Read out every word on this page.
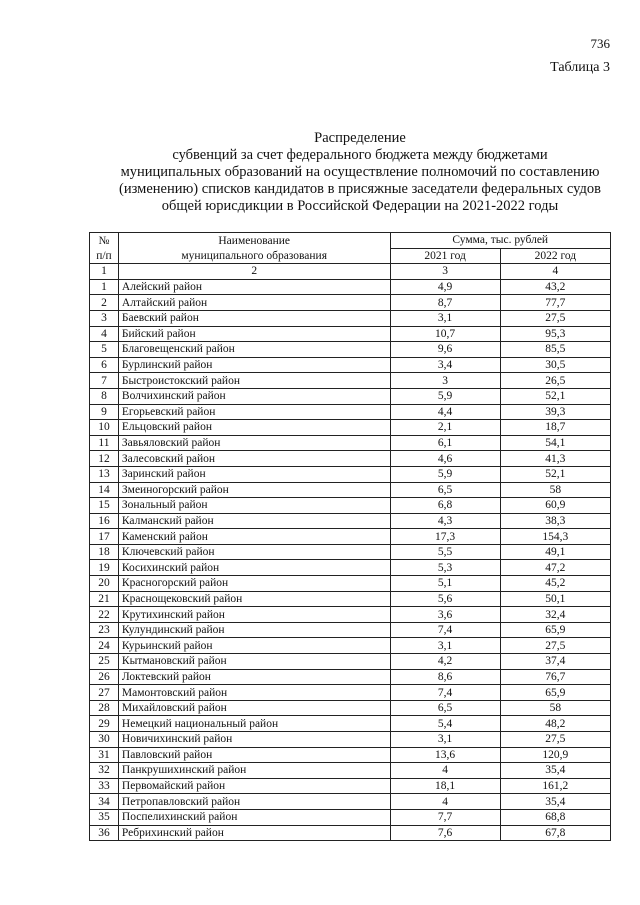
736
Таблица 3
Распределение
субвенций за счет федерального бюджета между бюджетами
муниципальных образований на осуществление полномочий по составлению
(изменению) списков кандидатов в присяжные заседатели федеральных судов
общей юрисдикции в Российской Федерации на 2021-2022 годы
№	Наименование	Сумма, тыс. рублей	
п/п	муниципального образования	2021 год	2022 год
1	2	3	4
1	Алейский район	4,9	43,2
2	Алтайский район	8,7	77,7
3	Баевский район	3,1	27,5
4	Бийский район	10,7	95,3
5	Благовещенский район	9,6	85,5
6	Бурлинский район	3,4	30,5
7	Быстроистокский район	3	26,5
8	Волчихинский район	5,9	52,1
9	Егорьевский район	4,4	39,3
10	Ельцовский район	2,1	18,7
11	Завьяловский район	6,1	54,1
12	Залесовский район	4,6	41,3
13	Заринский район	5,9	52,1
14	Змеиногорский район	6,5	58
15	Зональный район	6,8	60,9
16	Калманский район	4,3	38,3
17	Каменский район	17,3	154,3
18	Ключевский район	5,5	49,1
19	Косихинский район	5,3	47,2
20	Красногорский район	5,1	45,2
21	Краснощековский район	5,6	50,1
22	Крутихинский район	3,6	32,4
23	Кулундинский район	7,4	65,9
24	Курьинский район	3,1	27,5
25	Кытмановский район	4,2	37,4
26	Локтевский район	8,6	76,7
27	Мамонтовский район	7,4	65,9
28	Михайловский район	6,5	58
29	Немецкий национальный район	5,4	48,2
30	Новичихинский район	3,1	27,5
31	Павловский район	13,6	120,9
32	Панкрушихинский район	4	35,4
33	Первомайский район	18,1	161,2
34	Петропавловский район	4	35,4
35	Поспелихинский район	7,7	68,8
36	Ребрихинский район	7,6	67,8
